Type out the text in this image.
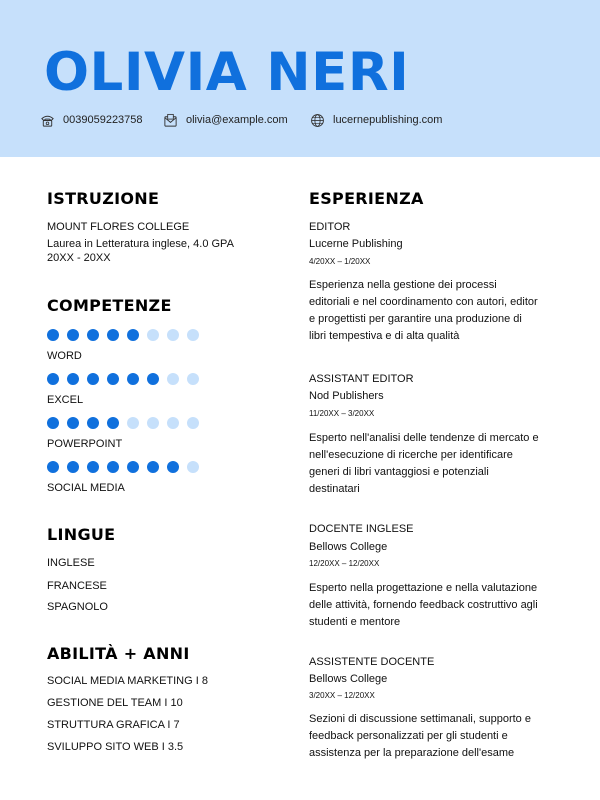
OLIVIA NERI
0039059223758	olivia@example.com	lucernepublishing.com
ISTRUZIONE
MOUNT FLORES COLLEGE
Laurea in Letteratura inglese, 4.0 GPA
20XX - 20XX
COMPETENZE
WORD
EXCEL
POWERPOINT
SOCIAL MEDIA
LINGUE
INGLESE
FRANCESE
SPAGNOLO
ABILITÀ + ANNI
SOCIAL MEDIA MARKETING I 8
GESTIONE DEL TEAM I 10
STRUTTURA GRAFICA I 7
SVILUPPO SITO WEB I 3.5
ESPERIENZA
EDITOR
Lucerne Publishing
4/20XX – 1/20XX
Esperienza nella gestione dei processi editoriali e nel coordinamento con autori, editor e progettisti per garantire una produzione di libri tempestiva e di alta qualità
ASSISTANT EDITOR
Nod Publishers
11/20XX – 3/20XX
Esperto nell'analisi delle tendenze di mercato e nell'esecuzione di ricerche per identificare generi di libri vantaggiosi e potenziali destinatari
DOCENTE INGLESE
Bellows College
12/20XX – 12/20XX
Esperto nella progettazione e nella valutazione delle attività, fornendo feedback costruttivo agli studenti e mentore
ASSISTENTE DOCENTE
Bellows College
3/20XX – 12/20XX
Sezioni di discussione settimanali, supporto e feedback personalizzati per gli studenti e assistenza per la preparazione dell'esame
